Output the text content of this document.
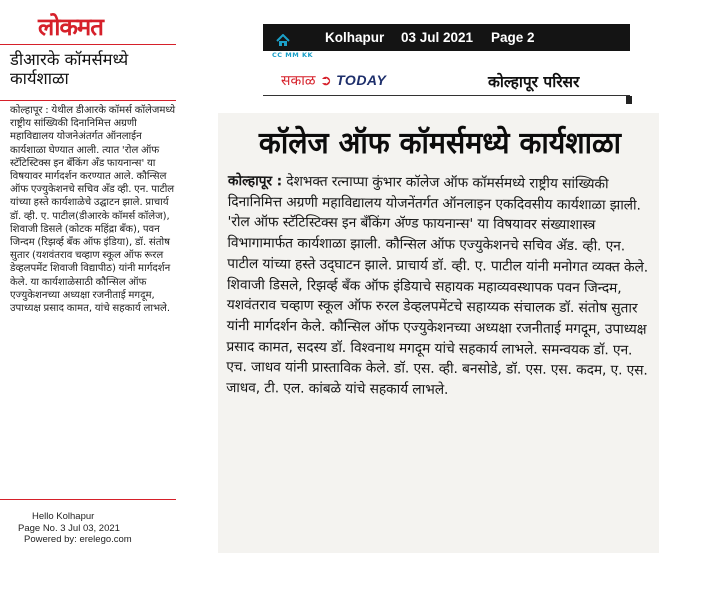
लोकमत
डीआरके कॉमर्समध्ये कार्यशाळा
कोल्हापूर : येथील डीआरके कॉमर्स कॉलेजमध्ये राष्ट्रीय सांख्यिकी दिनानिमित्त अग्रणी महाविद्यालय योजनेअंतर्गत ऑनलाईन कार्यशाळा घेण्यात आली. त्यात 'रोल ऑफ स्टॅटिस्टिक्स इन बँकिंग अँड फायनान्स' या विषयावर मार्गदर्शन करण्यात आले. कौन्सिल ऑफ एज्युकेशनचे सचिव अँड व्ही. एन. पाटील यांच्या हस्ते कार्यशाळेचे उद्घाटन झाले. प्राचार्य डॉ. व्ही. ए. पाटील(डीआरके कॉमर्स कॉलेज), शिवाजी डिसले (कोटक महिंद्रा बँक), पवन जिन्दम (रिझर्व्ह बँक ऑफ इंडिया), डॉ. संतोष सुतार (यशवंतराव चव्हाण स्कूल ऑफ रूरल डेव्हलपमेंट शिवाजी विद्यापीठ) यांनी मार्गदर्शन केले. या कार्यशाळेसाठी कौन्सिल ऑफ एज्युकेशनच्या अध्यक्षा रजनीताई मगदूम, उपाध्यक्ष प्रसाद कामत, यांचे सहकार्य लाभले.
Hello Kolhapur
Page No. 3 Jul 03, 2021
Powered by: erelego.com
Kolhapur 03 Jul 2021 Page 2
CC MM KK
सकाळ ➲ TODAY	कोल्हापूर परिसर
कॉलेज ऑफ कॉमर्समध्ये कार्यशाळा
कोल्हापूर : देशभक्त रत्नाप्पा कुंभार कॉलेज ऑफ कॉमर्समध्ये राष्ट्रीय सांख्यिकी दिनानिमित्त अग्रणी महाविद्यालय योजनेंतर्गत ऑनलाइन एकदिवसीय कार्यशाळा झाली. 'रोल ऑफ स्टॅटिस्टिक्स इन बँकिंग ॲण्ड फायनान्स' या विषयावर संख्याशास्त्र विभागामार्फत कार्यशाळा झाली. कौन्सिल ऑफ एज्युकेशनचे सचिव ॲड. व्ही. एन. पाटील यांच्या हस्ते उद्‍घाटन झाले. प्राचार्य डॉ. व्ही. ए. पाटील यांनी मनोगत व्यक्त केले. शिवाजी डिसले, रिझर्व्ह बँक ऑफ इंडियाचे सहायक महाव्यवस्थापक पवन जिन्दम, यशवंतराव चव्हाण स्कूल ऑफ रुरल डेव्हलपमेंटचे सहाय्यक संचालक डॉ. संतोष सुतार यांनी मार्गदर्शन केले. कौन्सिल ऑफ एज्युकेशनच्या अध्यक्षा रजनीताई मगदूम, उपाध्यक्ष प्रसाद कामत, सदस्य डॉ. विश्वनाथ मगदूम यांचे सहकार्य लाभले. समन्वयक डॉ. एन. एच. जाधव यांनी प्रास्ताविक केले. डॉ. एस. व्ही. बनसोडे, डॉ. एस. एस. कदम, ए. एस. जाधव, टी. एल. कांबळे यांचे सहकार्य लाभले.
